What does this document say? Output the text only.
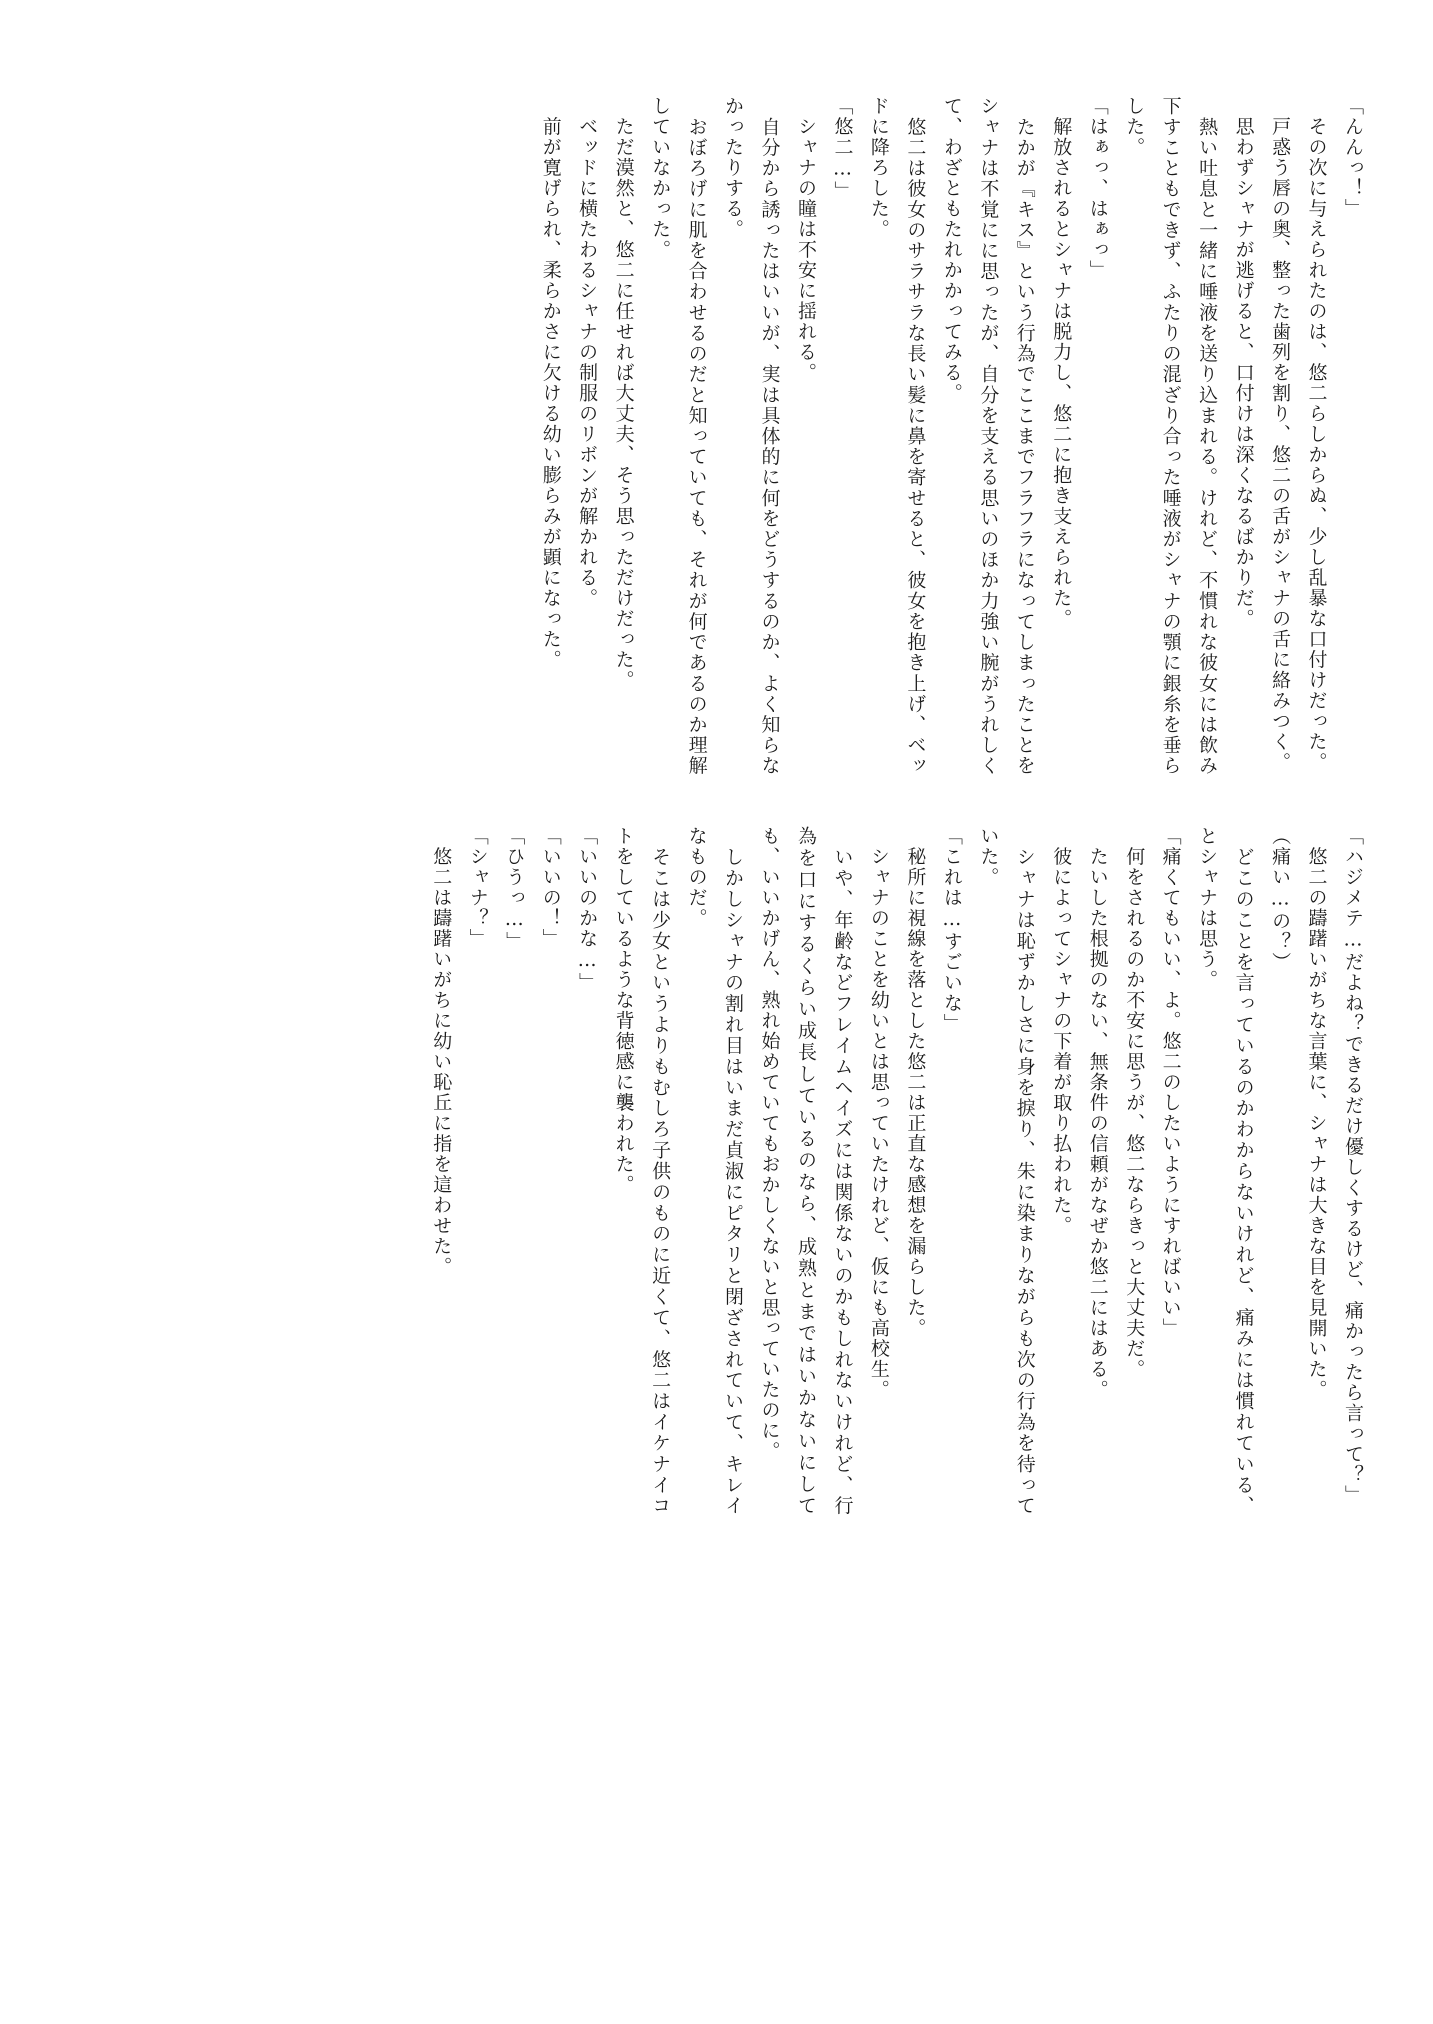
「んんっ！」

　その次に与えられたのは、悠二らしからぬ、少し乱暴な口付けだった。

　戸惑う唇の奥、整った歯列を割り、悠二の舌がシャナの舌に絡みつく。

　思わずシャナが逃げると、口付けは深くなるばかりだ。

　熱い吐息と一緒に唾液を送り込まれる。けれど、不慣れな彼女には飲み下すこともできず、ふたりの混ざり合った唾液がシャナの顎に銀糸を垂らした。

「はぁっ、はぁっ」

　解放されるとシャナは脱力し、悠二に抱き支えられた。

　たかが『キス』という行為でここまでフラフラになってしまったことをシャナは不覚にに思ったが、自分を支える思いのほか力強い腕がうれしくて、わざともたれかかってみる。

　悠二は彼女のサラサラな長い髪に鼻を寄せると、彼女を抱き上げ、ベッドに降ろした。

「悠二…」

　シャナの瞳は不安に揺れる。

　自分から誘ったはいいが、実は具体的に何をどうするのか、よく知らなかったりする。

　おぼろげに肌を合わせるのだと知っていても、それが何であるのか理解していなかった。

　ただ漠然と、悠二に任せれば大丈夫、そう思っただけだった。

　ベッドに横たわるシャナの制服のリボンが解かれる。

　前が寛げられ、柔らかさに欠ける幼い膨らみが顕になった。

「ハジメテ…だよね？できるだけ優しくするけど、痛かったら言って？」

　悠二の躊躇いがちな言葉に、シャナは大きな目を見開いた。

（痛い…の？）

　どこのことを言っているのかわからないけれど、痛みには慣れている、とシャナは思う。

「痛くてもいい、よ。悠二のしたいようにすればいい」

　何をされるのか不安に思うが、悠二ならきっと大丈夫だ。

　たいした根拠のない、無条件の信頼がなぜか悠二にはある。

　彼によってシャナの下着が取り払われた。

　シャナは恥ずかしさに身を捩り、朱に染まりながらも次の行為を待っていた。

「これは…すごいな」

　秘所に視線を落とした悠二は正直な感想を漏らした。

　シャナのことを幼いとは思っていたけれど、仮にも高校生。

　いや、年齢などフレイムヘイズには関係ないのかもしれないけれど、行為を口にするくらい成長しているのなら、成熟とまではいかないにしても、いいかげん、熟れ始めていてもおかしくないと思っていたのに。

　しかしシャナの割れ目はいまだ貞淑にピタリと閉ざされていて、キレイなものだ。

　そこは少女というよりもむしろ子供のものに近くて、悠二はイケナイコトをしているような背徳感に襲われた。

「いいのかな…」

「いいの！」

「ひうっ…」

「シャナ？」

　悠二は躊躇いがちに幼い恥丘に指を這わせた。
